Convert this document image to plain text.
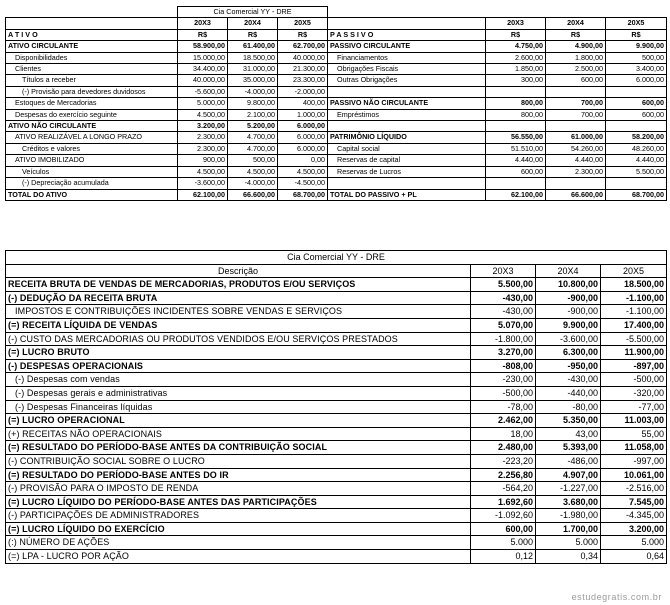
	Cia Comercial YY - DRE						
	20X3	20X4	20X5		20X3	20X4	20X5
A T I V O	R$	R$	R$	P A S S I V O	R$	R$	R$
ATIVO CIRCULANTE	58.900,00	61.400,00	62.700,00	PASSIVO CIRCULANTE	4.750,00	4.900,00	9.900,00
Disponibilidades	15.000,00	18.500,00	40.000,00	Financiamentos	2.600,00	1.800,00	500,00
Clientes	34.400,00	31.000,00	21.300,00	Obrigações Fiscais	1.850,00	2.500,00	3.400,00
Títulos a receber	40.000,00	35.000,00	23.300,00	Outras Obrigações	300,00	600,00	6.000,00
(-) Provisão para devedores duvidosos	-5.600,00	-4.000,00	-2.000,00				
Estoques de Mercadorias	5.000,00	9.800,00	400,00	PASSIVO NÃO CIRCULANTE	800,00	700,00	600,00
Despesas do exercício seguinte	4.500,00	2.100,00	1.000,00	Empréstimos	800,00	700,00	600,00
ATIVO NÃO CIRCULANTE	3.200,00	5.200,00	6.000,00				
ATIVO REALIZÁVEL A LONGO PRAZO	2.300,00	4.700,00	6.000,00	PATRIMÔNIO LÍQUIDO	56.550,00	61.000,00	58.200,00
Créditos e valores	2.300,00	4.700,00	6.000,00	Capital social	51.510,00	54.260,00	48.260,00
ATIVO IMOBILIZADO	900,00	500,00	0,00	Reservas de capital	4.440,00	4.440,00	4.440,00
Veículos	4.500,00	4.500,00	4.500,00	Reservas de Lucros	600,00	2.300,00	5.500,00
(-) Depreciação acumulada	-3.600,00	-4.000,00	-4.500,00				
TOTAL DO ATIVO	62.100,00	66.600,00	68.700,00	TOTAL DO PASSIVO + PL	62.100,00	66.600,00	68.700,00
Cia Comercial YY - DRE			
Descrição	20X3	20X4	20X5
RECEITA BRUTA DE VENDAS DE MERCADORIAS, PRODUTOS E/OU SERVIÇOS	5.500,00	10.800,00	18.500,00
(-) DEDUÇÃO DA RECEITA BRUTA	-430,00	-900,00	-1.100,00
IMPOSTOS E CONTRIBUIÇÕES INCIDENTES SOBRE VENDAS E SERVIÇOS	-430,00	-900,00	-1.100,00
(=) RECEITA LÍQUIDA DE VENDAS	5.070,00	9.900,00	17.400,00
(-) CUSTO DAS MERCADORIAS OU PRODUTOS VENDIDOS E/OU SERVIÇOS PRESTADOS	-1.800,00	-3.600,00	-5.500,00
(=) LUCRO BRUTO	3.270,00	6.300,00	11.900,00
(-) DESPESAS OPERACIONAIS	-808,00	-950,00	-897,00
(-) Despesas com vendas	-230,00	-430,00	-500,00
(-) Despesas gerais e administrativas	-500,00	-440,00	-320,00
(-) Despesas Financeiras líquidas	-78,00	-80,00	-77,00
(=) LUCRO OPERACIONAL	2.462,00	5.350,00	11.003,00
(+) RECEITAS NÃO OPERACIONAIS	18,00	43,00	55,00
(=) RESULTADO DO PERÍODO-BASE ANTES DA CONTRIBUIÇÃO SOCIAL	2.480,00	5.393,00	11.058,00
(-) CONTRIBUIÇÃO SOCIAL SOBRE O LUCRO	-223,20	-486,00	-997,00
(=) RESULTADO DO PERÍODO-BASE ANTES DO IR	2.256,80	4.907,00	10.061,00
(-) PROVISÃO PARA O IMPOSTO DE RENDA	-564,20	-1.227,00	-2.516,00
(=) LUCRO LÍQUIDO DO PERÍODO-BASE ANTES DAS PARTICIPAÇÕES	1.692,60	3.680,00	7.545,00
(-) PARTICIPAÇÕES DE ADMINISTRADORES	-1.092,60	-1.980,00	-4.345,00
(=) LUCRO LÍQUIDO DO EXERCÍCIO	600,00	1.700,00	3.200,00
(:) NÚMERO DE AÇÕES	5.000	5.000	5.000
(=) LPA - LUCRO POR AÇÃO	0,12	0,34	0,64
estudegratis.com.br
